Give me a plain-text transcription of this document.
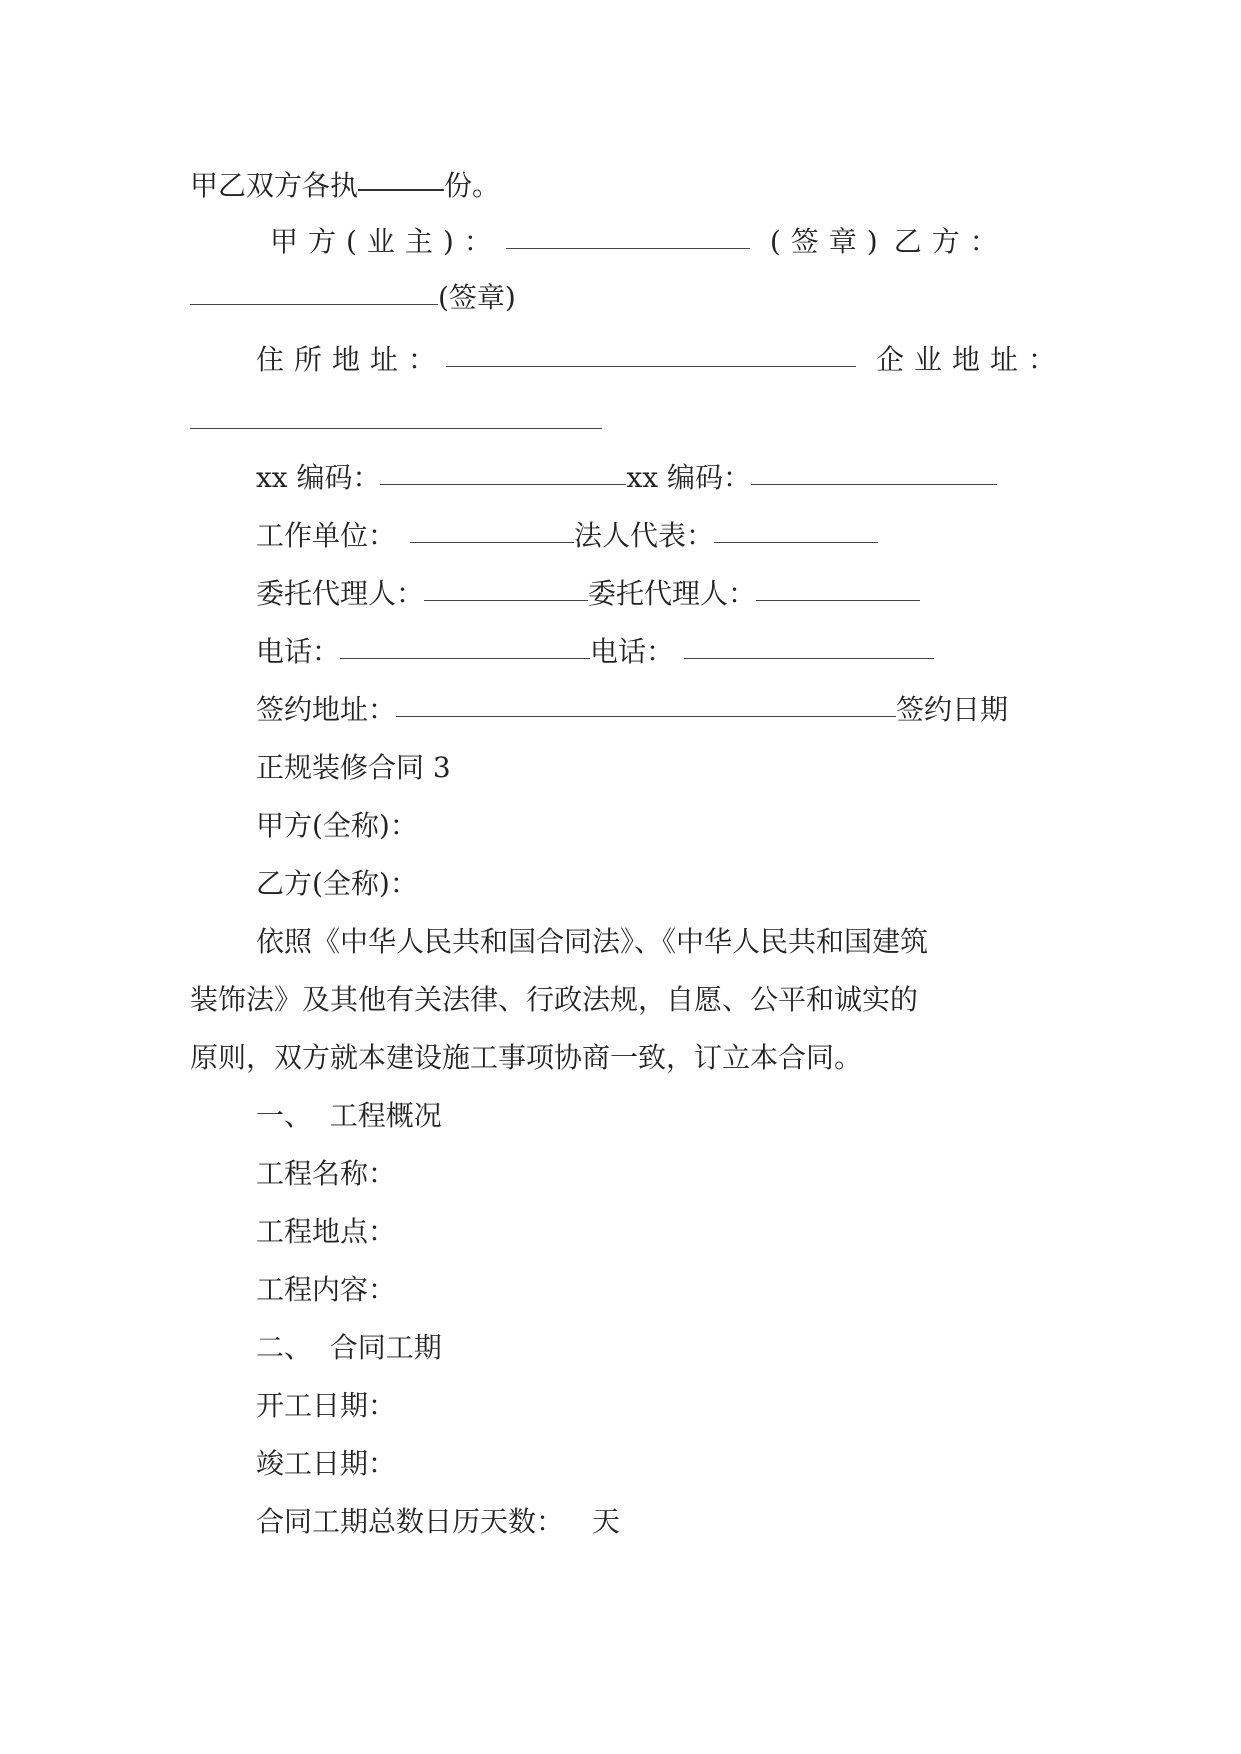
甲乙双方各执	份。
甲方(业主)：	(签章) 乙方：
(签章)
住所地址：	企业地址：
xx 编码：	xx 编码：
工作单位：	法人代表：
委托代理人：	委托代理人：
电话：	电话：
签约地址：	签约日期
正规装修合同 3
甲方(全称)：
乙方(全称)：
依照《中华人民共和国合同法》、《中华人民共和国建筑
装饰法》及其他有关法律、行政法规，自愿、公平和诚实的
原则，双方就本建设施工事项协商一致，订立本合同。
一、  工程概况
工程名称：
工程地点：
工程内容：
二、  合同工期
开工日期：
竣工日期：
合同工期总数日历天数： 天
